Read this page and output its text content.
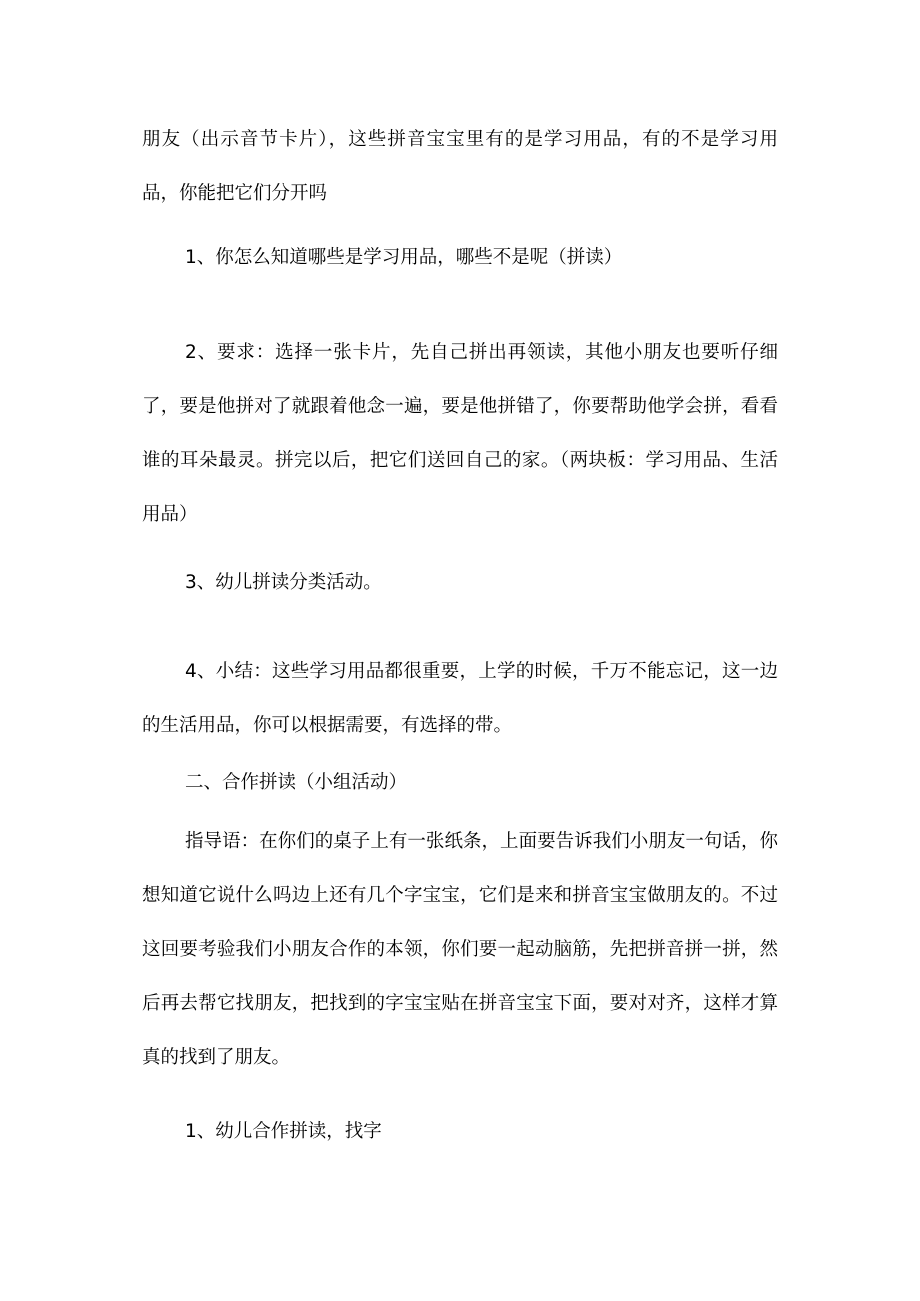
朋友（出示音节卡片），这些拼音宝宝里有的是学习用品，有的不是学习用品，你能把它们分开吗

1、你怎么知道哪些是学习用品，哪些不是呢（拼读）

2、要求：选择一张卡片，先自己拼出再领读，其他小朋友也要听仔细了，要是他拼对了就跟着他念一遍，要是他拼错了，你要帮助他学会拼，看看谁的耳朵最灵。拼完以后，把它们送回自己的家。（两块板：学习用品、生活用品）

3、幼儿拼读分类活动。

4、小结：这些学习用品都很重要，上学的时候，千万不能忘记，这一边的生活用品，你可以根据需要，有选择的带。

二、合作拼读（小组活动）

指导语：在你们的桌子上有一张纸条，上面要告诉我们小朋友一句话，你想知道它说什么吗边上还有几个字宝宝，它们是来和拼音宝宝做朋友的。不过这回要考验我们小朋友合作的本领，你们要一起动脑筋，先把拼音拼一拼，然后再去帮它找朋友，把找到的字宝宝贴在拼音宝宝下面，要对对齐，这样才算真的找到了朋友。

1、幼儿合作拼读，找字
